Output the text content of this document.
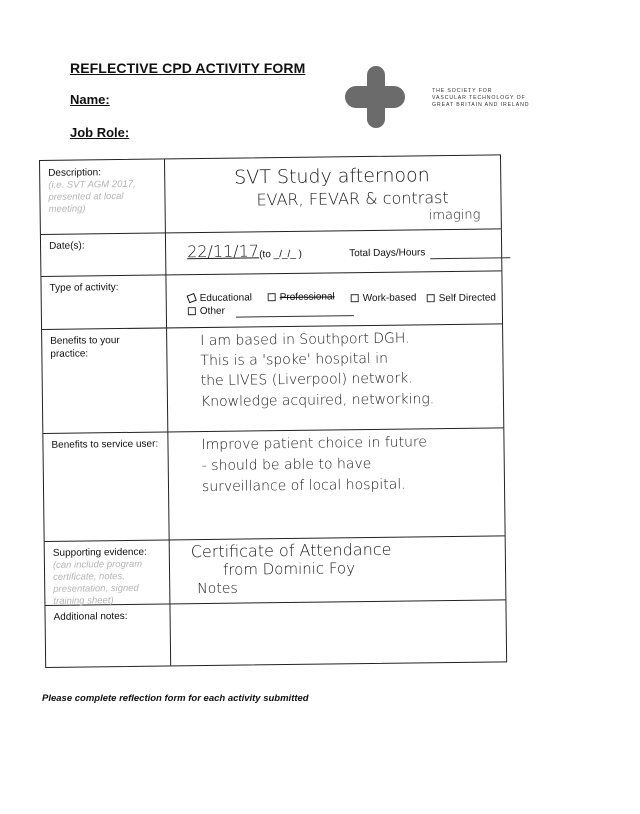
REFLECTIVE CPD ACTIVITY FORM
Name:
Job Role:
THE SOCIETY FOR
VASCULAR TECHNOLOGY OF
GREAT BRITAIN AND IRELAND
Description:
(i.e. SVT AGM 2017, presented at local meeting)
SVT Study afternoon
EVAR, FEVAR & contrast
imaging
Date(s):	22/11/17 (to _/_/_ )	Total Days/Hours
Type of activity:
Educational	Professional	Work-based	Self Directed
Other
Benefits to your practice:
I am based in Southport DGH.
This is a 'spoke' hospital in
the LIVES (Liverpool) network.
Knowledge acquired, networking.
Benefits to service user:	Improve patient choice in future
- should be able to have
surveillance of local hospital.
Supporting evidence:
(can include program certificate, notes, presentation, signed training sheet)
Certificate of Attendance
from Dominic Foy
Notes
Additional notes:
Please complete reflection form for each activity submitted
